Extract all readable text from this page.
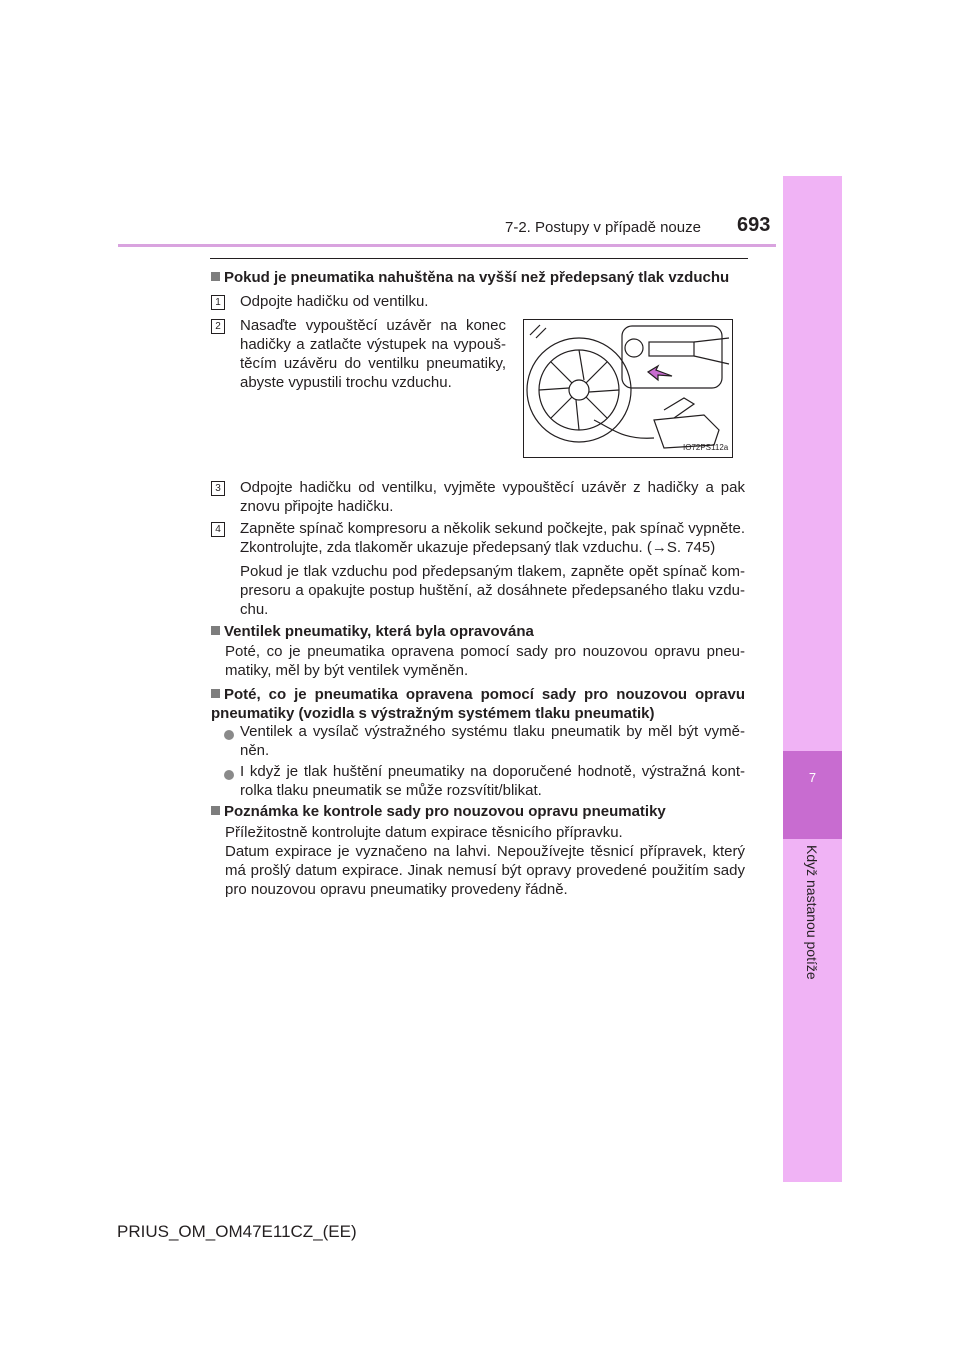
7-2. Postupy v případě nouze 693
7
Když nastanou potíže
Pokud je pneumatika nahuštěna na vyšší než předepsaný tlak vzduchu
1 Odpojte hadičku od ventilku.
2 Nasaďte vypouštěcí uzávěr na konec hadičky a zatlačte výstupek na vypouš-těcím uzávěru do ventilku pneumatiky, abyste vypustili trochu vzduchu.
IO72PS112a
3 Odpojte hadičku od ventilku, vyjměte vypouštěcí uzávěr z hadičky a pak znovu připojte hadičku.
4 Zapněte spínač kompresoru a několik sekund počkejte, pak spínač vypněte. Zkontrolujte, zda tlakoměr ukazuje předepsaný tlak vzduchu. (→S. 745)
Pokud je tlak vzduchu pod předepsaným tlakem, zapněte opět spínač kom-presoru a opakujte postup huštění, až dosáhnete předepsaného tlaku vzdu-chu.
Ventilek pneumatiky, která byla opravována
Poté, co je pneumatika opravena pomocí sady pro nouzovou opravu pneu-matiky, měl by být ventilek vyměněn.
Poté, co je pneumatika opravena pomocí sady pro nouzovou opravu pneumatiky (vozidla s výstražným systémem tlaku pneumatik)
Ventilek a vysílač výstražného systému tlaku pneumatik by měl být vymě-něn.
I když je tlak huštění pneumatiky na doporučené hodnotě, výstražná kont-rolka tlaku pneumatik se může rozsvítit/blikat.
Poznámka ke kontrole sady pro nouzovou opravu pneumatiky
Příležitostně kontrolujte datum expirace těsnicího přípravku.
Datum expirace je vyznačeno na lahvi. Nepoužívejte těsnicí přípravek, který má prošlý datum expirace. Jinak nemusí být opravy provedené použitím sady pro nouzovou opravu pneumatiky provedeny řádně.
PRIUS_OM_OM47E11CZ_(EE)
